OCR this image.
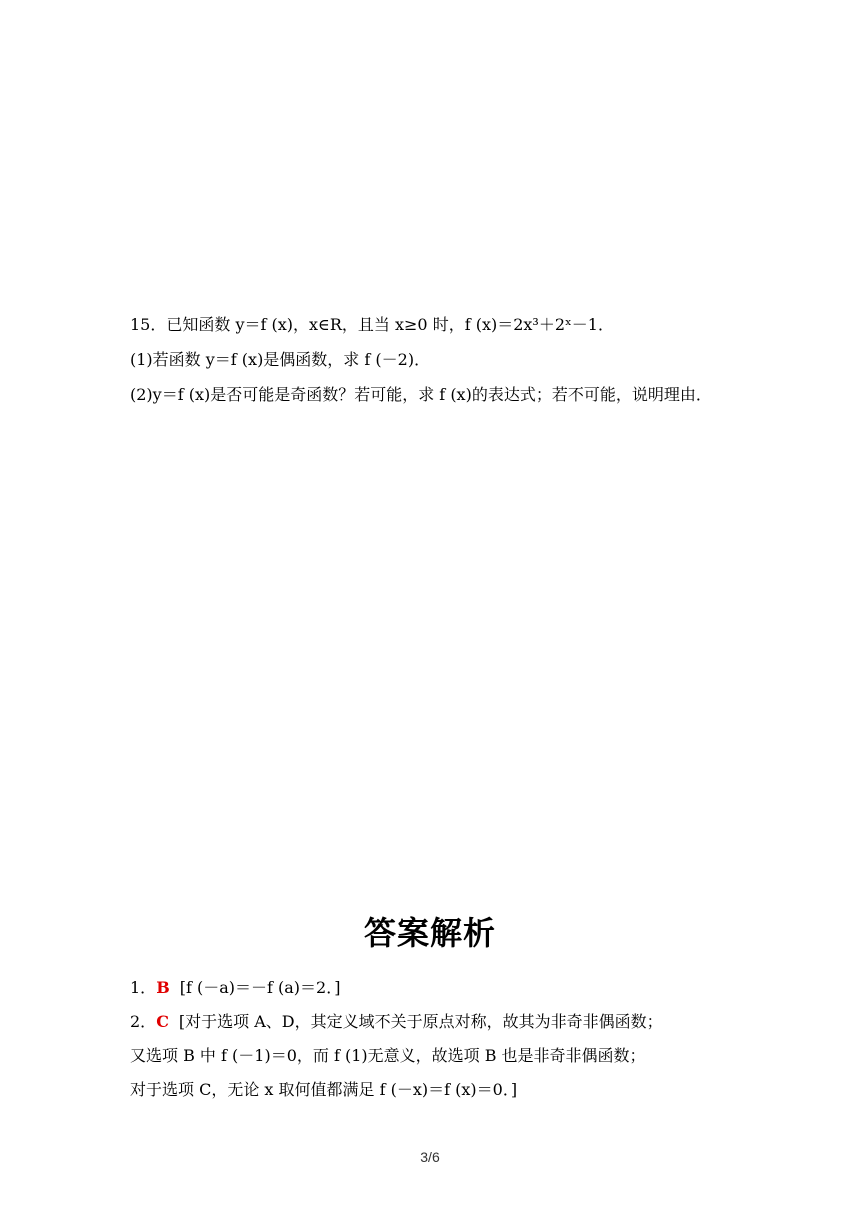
15．已知函数 y＝f (x)，x∈R，且当 x≥0 时，f (x)＝2x³＋2ˣ－1．
(1)若函数 y＝f (x)是偶函数，求 f (－2)．
(2)y＝f (x)是否可能是奇函数？若可能，求 f (x)的表达式；若不可能，说明理由．
答案解析
1．B [f (－a)＝－f (a)＝2．]
2．C [对于选项 A、D，其定义域不关于原点对称，故其为非奇非偶函数；
又选项 B 中 f (－1)＝0，而 f (1)无意义，故选项 B 也是非奇非偶函数；
对于选项 C，无论 x 取何值都满足 f (－x)＝f (x)＝0．]
3/6
